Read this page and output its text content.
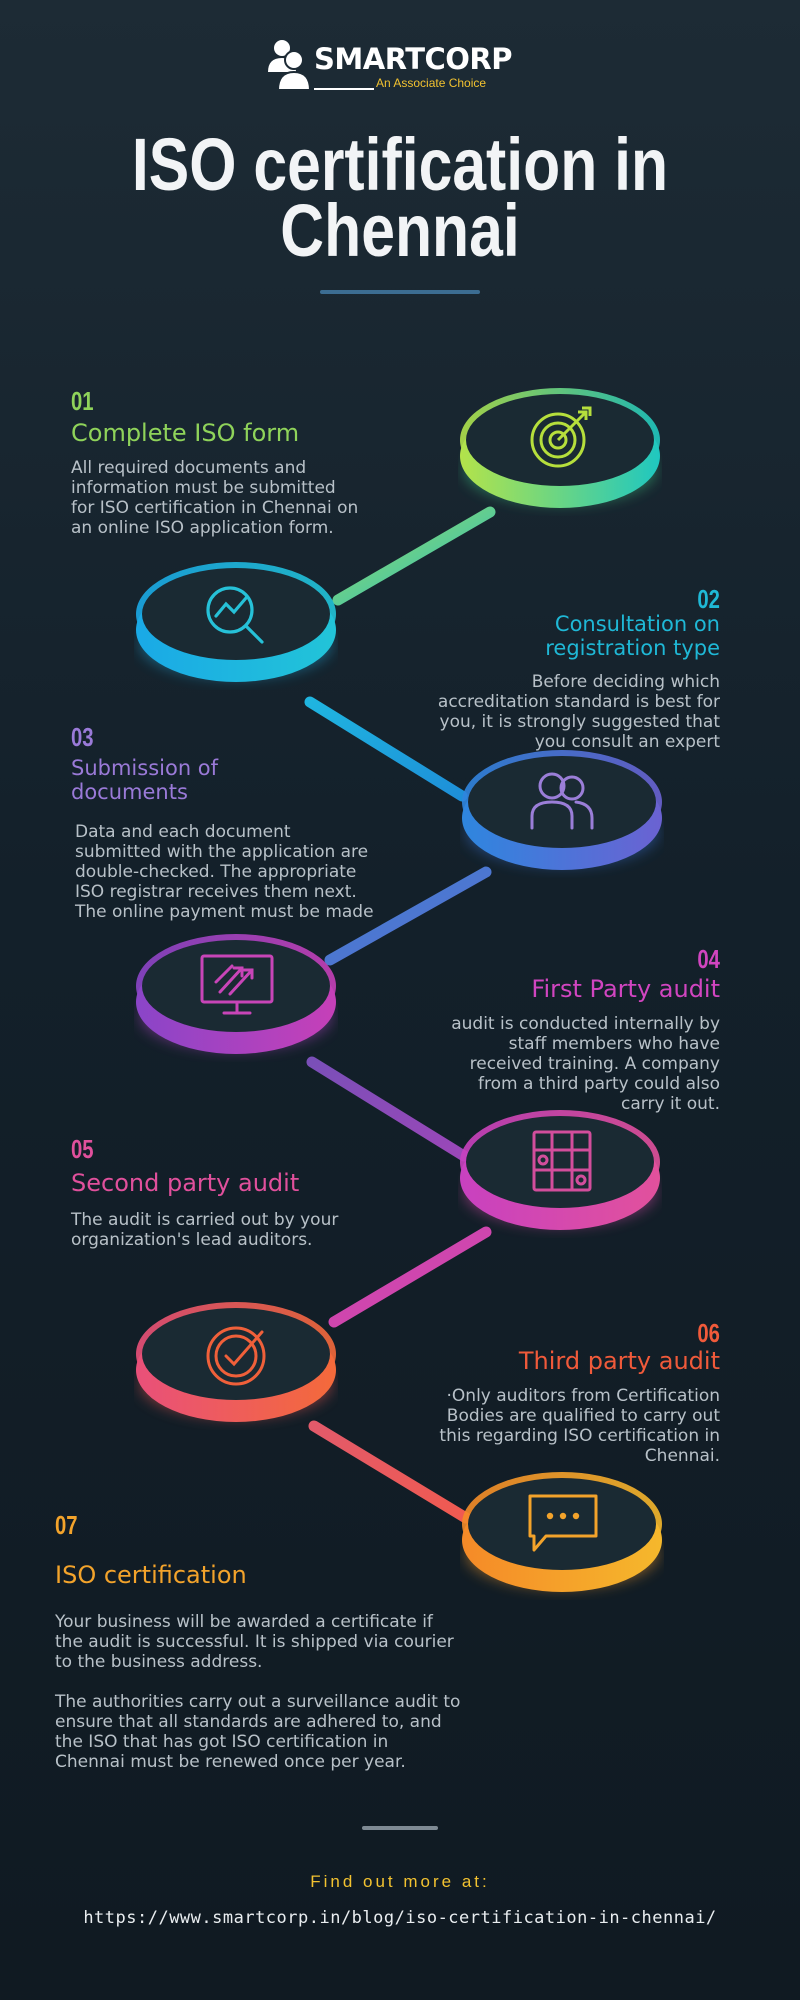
SMARTCORP
An Associate Choice
ISO certification in
Chennai
01
Complete ISO form
All required documents and
information must be submitted
for ISO certification in Chennai on
an online ISO application form.
02
Consultation on
registration type
Before deciding which
accreditation standard is best for
you, it is strongly suggested that
you consult an expert
03
Submission of
documents
Data and each document
submitted with the application are
double-checked. The appropriate
ISO registrar receives them next.
The online payment must be made
04
First Party audit
audit is conducted internally by
staff members who have
received training. A company
from a third party could also
carry it out.
05
Second party audit
The audit is carried out by your
organization's lead auditors.
06
Third party audit
·Only auditors from Certification
Bodies are qualified to carry out
this regarding ISO certification in
Chennai.
07
ISO certification
Your business will be awarded a certificate if
the audit is successful. It is shipped via courier
to the business address.
The authorities carry out a surveillance audit to
ensure that all standards are adhered to, and
the ISO that has got ISO certification in
Chennai must be renewed once per year.
Find out more at:
https://www.smartcorp.in/blog/iso-certification-in-chennai/
